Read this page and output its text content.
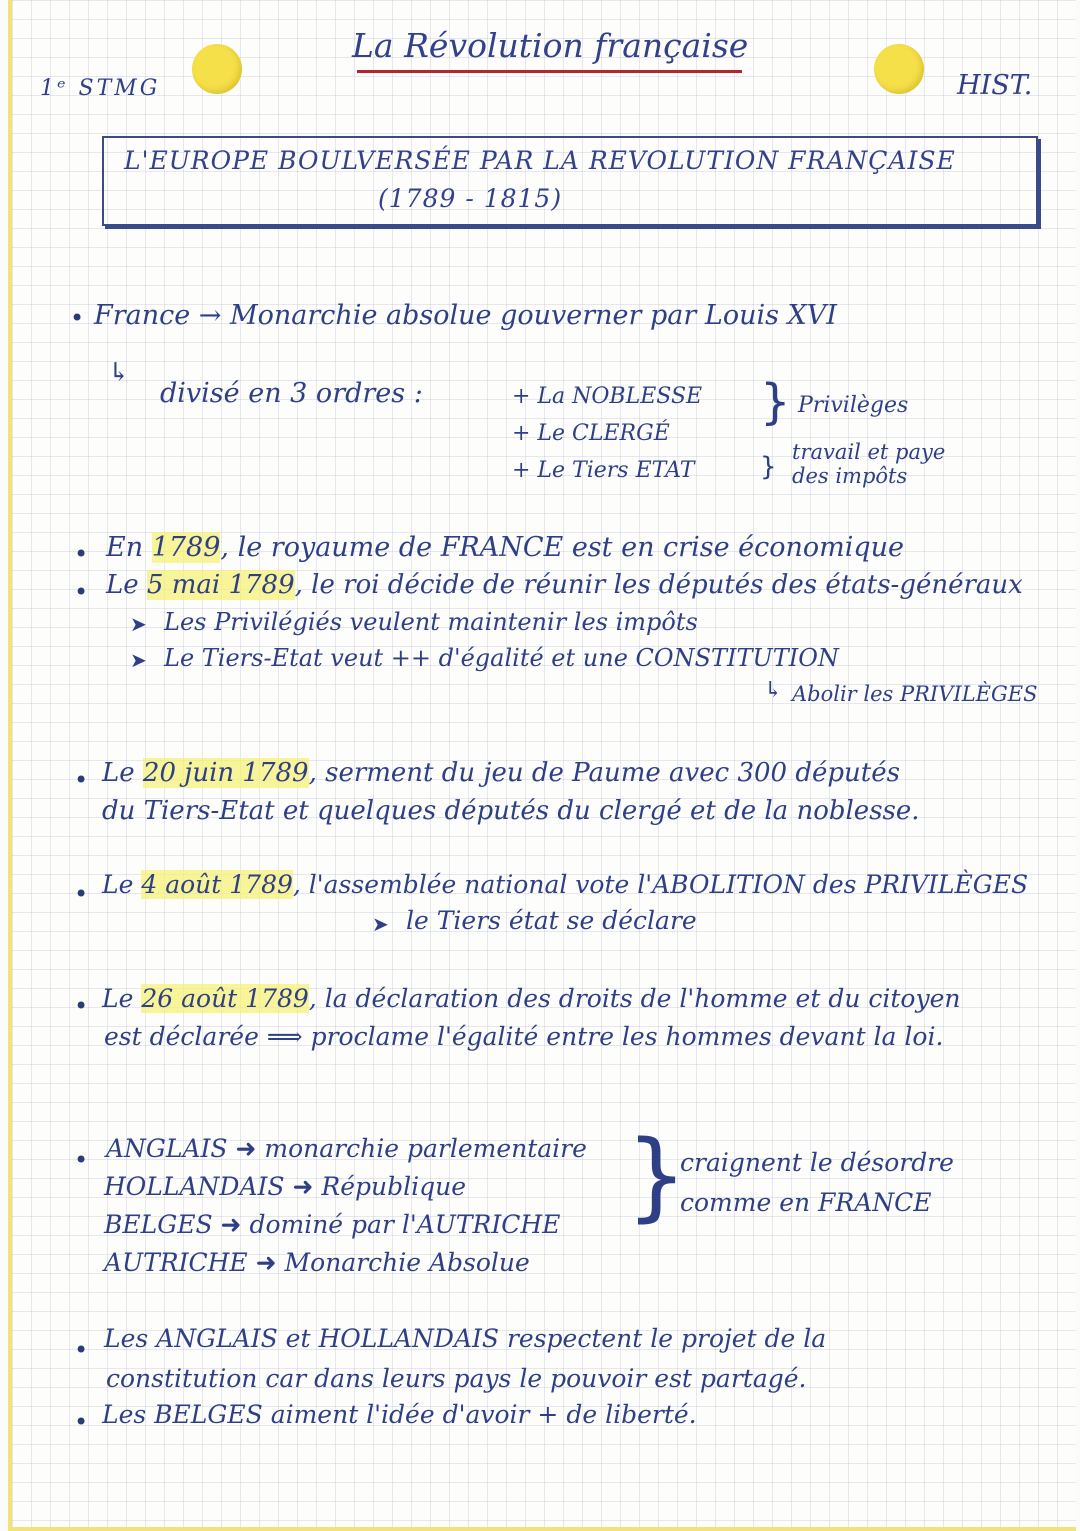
1ᵉ STMG
La Révolution française
HIST.
L'EUROPE BOULVERSÉE PAR LA REVOLUTION FRANÇAISE
(1789 - 1815)
• France → Monarchie absolue gouverner par Louis XVI
↳
divisé en 3 ordres :	+ La NOBLESSE
+ Le CLERGÉ
+ Le Tiers ETAT
} Privilèges
} travail et paye
des impôts
• En 1789, le royaume de FRANCE est en crise économique
• Le 5 mai 1789, le roi décide de réunir les députés des états-généraux
➤ Les Privilégiés veulent maintenir les impôts
➤ Le Tiers-Etat veut ++ d'égalité et une CONSTITUTION
↳ Abolir les PRIVILÈGES
• Le 20 juin 1789, serment du jeu de Paume avec 300 députés
du Tiers-Etat et quelques députés du clergé et de la noblesse.
• Le 4 août 1789, l'assemblée national vote l'ABOLITION des PRIVILÈGES
➤ le Tiers état se déclare
• Le 26 août 1789, la déclaration des droits de l'homme et du citoyen
est déclarée ⟹ proclame l'égalité entre les hommes devant la loi.
• ANGLAIS ➜ monarchie parlementaire
HOLLANDAIS ➜ République
BELGES ➜ dominé par l'AUTRICHE
AUTRICHE ➜ Monarchie Absolue
}
craignent le désordre
comme en FRANCE
• Les ANGLAIS et HOLLANDAIS respectent le projet de la
constitution car dans leurs pays le pouvoir est partagé.
• Les BELGES aiment l'idée d'avoir + de liberté.
